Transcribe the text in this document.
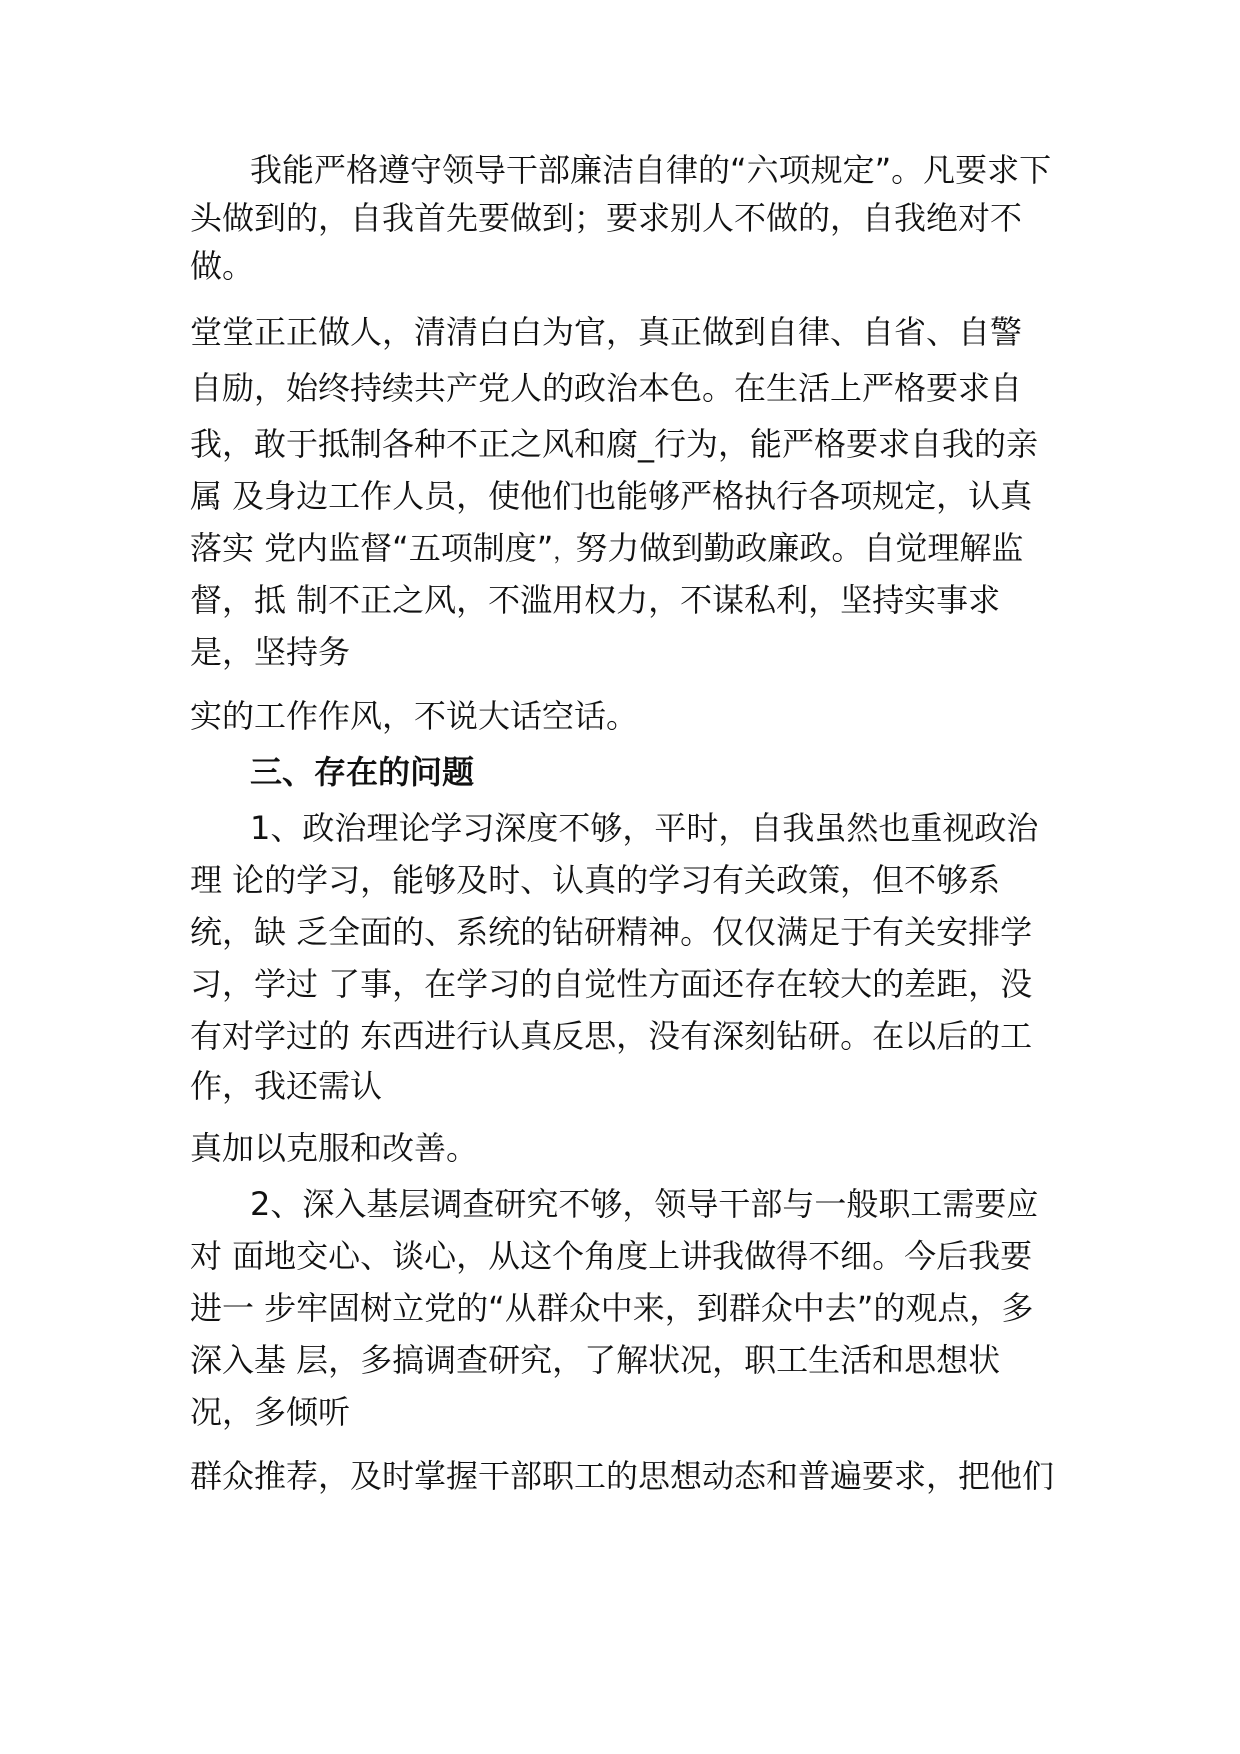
我能严格遵守领导干部廉洁自律的“六项规定”。凡要求下
头做到的，自我首先要做到；要求别人不做的，自我绝对不
做。
堂堂正正做人，清清白白为官，真正做到自律、自省、自警
自励，始终持续共产党人的政治本色。在生活上严格要求自
我，敢于抵制各种不正之风和腐_行为，能严格要求自我的亲
属 及身边工作人员，使他们也能够严格执行各项规定，认真
落实 党内监督“五项制度”，努力做到勤政廉政。自觉理解监
督，抵 制不正之风，不滥用权力，不谋私利，坚持实事求
是，坚持务
实的工作作风，不说大话空话。
三、存在的问题
1、政治理论学习深度不够，平时，自我虽然也重视政治
理 论的学习，能够及时、认真的学习有关政策，但不够系
统，缺 乏全面的、系统的钻研精神。仅仅满足于有关安排学
习，学过 了事，在学习的自觉性方面还存在较大的差距，没
有对学过的 东西进行认真反思，没有深刻钻研。在以后的工
作，我还需认
真加以克服和改善。
2、深入基层调查研究不够，领导干部与一般职工需要应
对 面地交心、谈心，从这个角度上讲我做得不细。今后我要
进一 步牢固树立党的“从群众中来，到群众中去”的观点，多
深入基 层，多搞调查研究，了解状况，职工生活和思想状
况，多倾听
群众推荐，及时掌握干部职工的思想动态和普遍要求，把他们
